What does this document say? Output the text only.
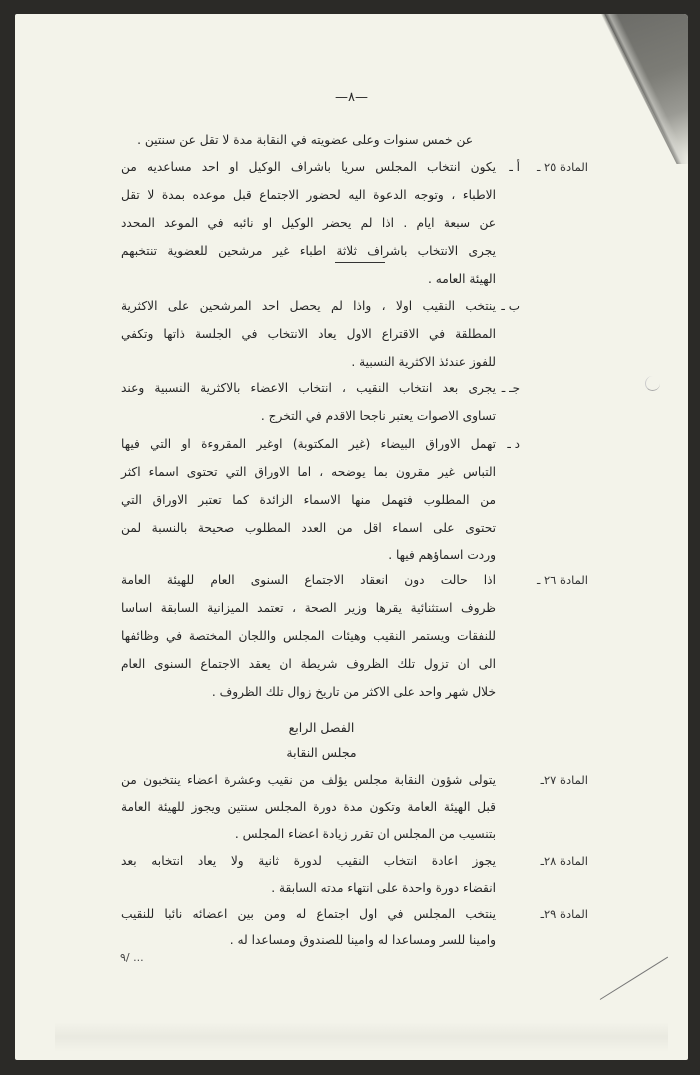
—٨—
عن خمس سنوات وعلى عضويته في النقابة مدة لا تقل عن سنتين .
المادة ٢٥ ـ
أ ـ
يكون انتخاب المجلس سريا باشراف الوكيل او احد مساعديه من
الاطباء ، وتوجه الدعوة اليه لحضور الاجتماع قبل موعده بمدة لا تقل
عن سبعة ايام . اذا لم يحضر الوكيل او نائبه في الموعد المحدد
يجرى الانتخاب باشراف ثلاثة اطباء غير مرشحين للعضوية تنتخبهم
الهيئة العامه .
ب ـ
ينتخب النقيب اولا ، واذا لم يحصل احد المرشحين على الاكثرية
المطلقة في الاقتراع الاول يعاد الانتخاب في الجلسة ذاتها وتكفي
للفوز عندئذ الاكثرية النسبية .
جـ ـ
يجرى بعد انتخاب النقيب ، انتخاب الاعضاء بالاكثرية النسبية وعند
تساوى الاصوات يعتبر ناجحا الاقدم في التخرج .
د ـ
تهمل الاوراق البيضاء (غير المكتوبة) اوغير المقروءة او التي فيها
التباس غير مقرون بما يوضحه ، اما الاوراق التي تحتوى اسماء اكثر
من المطلوب فتهمل منها الاسماء الزائدة كما تعتبر الاوراق التي
تحتوى على اسماء اقل من العدد المطلوب صحيحة بالنسبة لمن
وردت اسماؤهم فيها .
المادة ٢٦ ـ
اذا حالت دون انعقاد الاجتماع السنوى العام للهيئة العامة
ظروف استثنائية يقرها وزير الصحة ، تعتمد الميزانية السابقة اساسا
للنفقات ويستمر النقيب وهيئات المجلس واللجان المختصة في وظائفها
الى ان تزول تلك الظروف شريطة ان يعقد الاجتماع السنوى العام
خلال شهر واحد على الاكثر من تاريخ زوال تلك الظروف .
الفصل الرابع
مجلس النقابة
المادة ٢٧ـ
يتولى شؤون النقابة مجلس يؤلف من نقيب وعشرة اعضاء ينتخبون من
قبل الهيئة العامة وتكون مدة دورة المجلس سنتين ويجوز للهيئة العامة
بتنسيب من المجلس ان تقرر زيادة اعضاء المجلس .
المادة ٢٨ـ
يجوز اعادة انتخاب النقيب لدورة ثانية ولا يعاد انتخابه بعد
انقضاء دورة واحدة على انتهاء مدته السابقة .
المادة ٢٩ـ
ينتخب المجلس في اول اجتماع له ومن بين اعضائه نائبا للنقيب
وامينا للسر ومساعدا له وامينا للصندوق ومساعدا له .
٩/ ...
